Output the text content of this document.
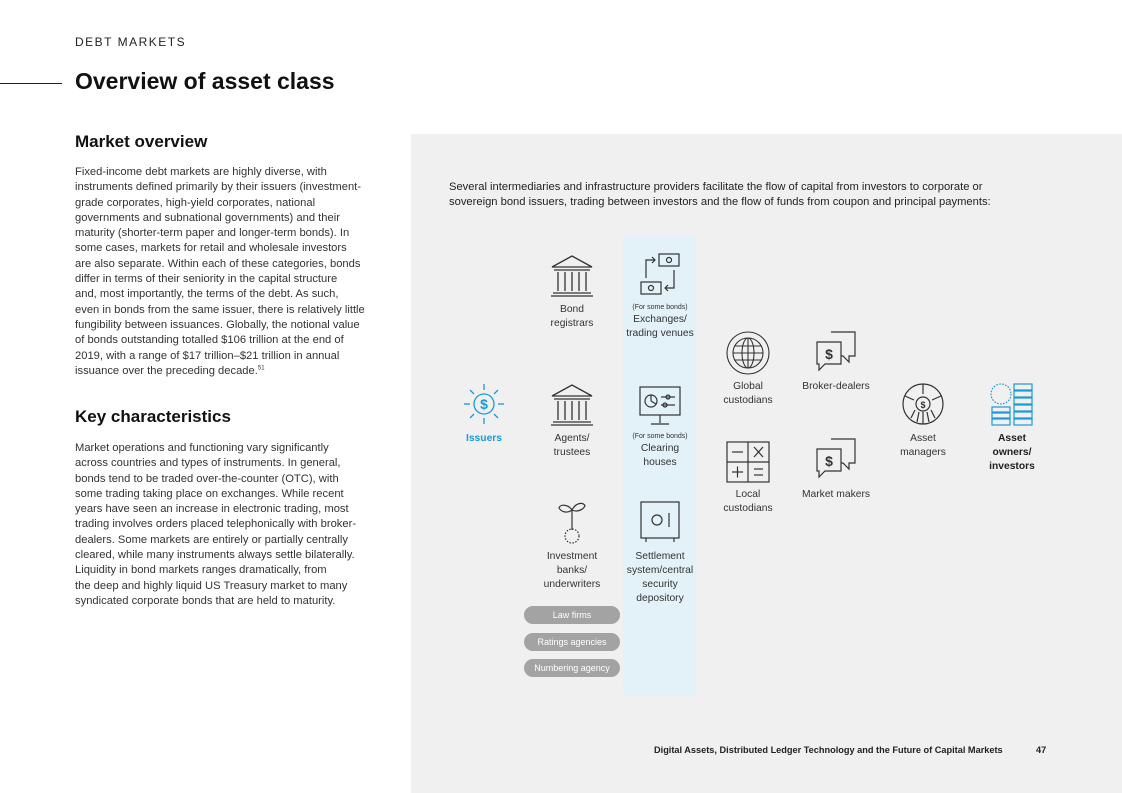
DEBT MARKETS
Overview of asset class
Market overview
Fixed-income debt markets are highly diverse, with
instruments defined primarily by their issuers (investment-
grade corporates, high-yield corporates, national
governments and subnational governments) and their
maturity (shorter-term paper and longer-term bonds). In
some cases, markets for retail and wholesale investors
are also separate. Within each of these categories, bonds
differ in terms of their seniority in the capital structure
and, most importantly, the terms of the debt. As such,
even in bonds from the same issuer, there is relatively little
fungibility between issuances. Globally, the notional value
of bonds outstanding totalled $106 trillion at the end of
2019, with a range of $17 trillion–$21 trillion in annual
issuance over the preceding decade.$^{51}$
Key characteristics
Market operations and functioning vary significantly
across countries and types of instruments. In general,
bonds tend to be traded over-the-counter (OTC), with
some trading taking place on exchanges. While recent
years have seen an increase in electronic trading, most
trading involves orders placed telephonically with broker-
dealers. Some markets are entirely or partially centrally
cleared, while many instruments always settle bilaterally.
Liquidity in bond markets ranges dramatically, from
the deep and highly liquid US Treasury market to many
syndicated corporate bonds that are held to maturity.
Several intermediaries and infrastructure providers facilitate the flow of capital from investors to corporate or
sovereign bond issuers, trading between investors and the flow of funds from coupon and principal payments:
$
Issuers
Bond
registrars
Agents/
trustees
Investment
banks/
underwriters
Law firms
Ratings agencies
Numbering agency
(For some bonds)
Exchanges/
trading venues
(For some bonds)
Clearing
houses
Settlement
system/central
security
depository
Global
custodians
Local
custodians
$
Broker-dealers
$
Market makers
$
Asset
managers
Asset
owners/
investors
Digital Assets, Distributed Ledger Technology and the Future of Capital Markets	47
